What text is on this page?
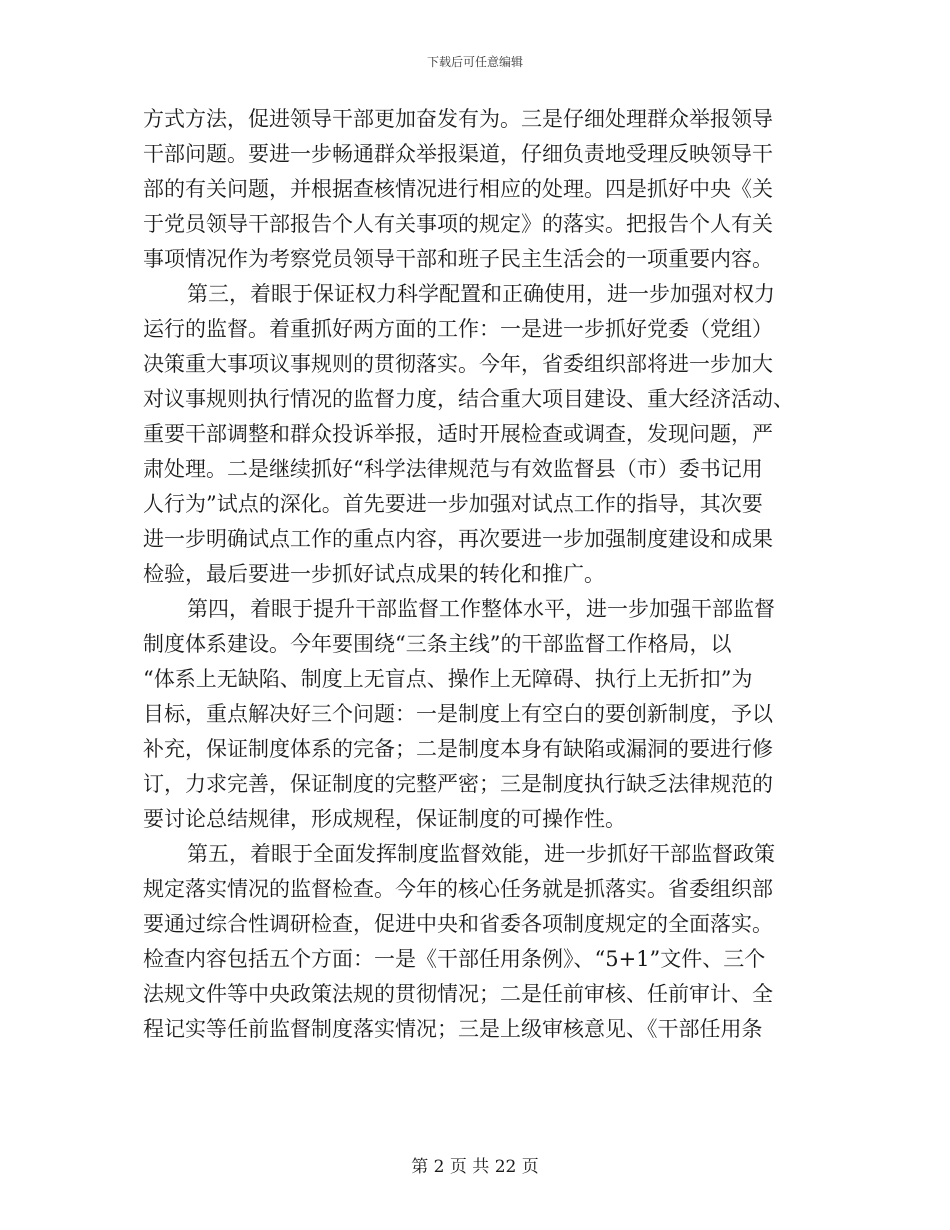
下载后可任意编辑
方式方法，促进领导干部更加奋发有为。三是仔细处理群众举报领导
干部问题。要进一步畅通群众举报渠道，仔细负责地受理反映领导干
部的有关问题，并根据查核情况进行相应的处理。四是抓好中央《关
于党员领导干部报告个人有关事项的规定》的落实。把报告个人有关
事项情况作为考察党员领导干部和班子民主生活会的一项重要内容。
第三，着眼于保证权力科学配置和正确使用，进一步加强对权力
运行的监督。着重抓好两方面的工作：一是进一步抓好党委（党组）
决策重大事项议事规则的贯彻落实。今年，省委组织部将进一步加大
对议事规则执行情况的监督力度，结合重大项目建设、重大经济活动、
重要干部调整和群众投诉举报，适时开展检查或调查，发现问题，严
肃处理。二是继续抓好“科学法律规范与有效监督县（市）委书记用
人行为”试点的深化。首先要进一步加强对试点工作的指导，其次要
进一步明确试点工作的重点内容，再次要进一步加强制度建设和成果
检验，最后要进一步抓好试点成果的转化和推广。
第四，着眼于提升干部监督工作整体水平，进一步加强干部监督
制度体系建设。今年要围绕“三条主线”的干部监督工作格局，以
“体系上无缺陷、制度上无盲点、操作上无障碍、执行上无折扣”为
目标，重点解决好三个问题：一是制度上有空白的要创新制度，予以
补充，保证制度体系的完备；二是制度本身有缺陷或漏洞的要进行修
订，力求完善，保证制度的完整严密；三是制度执行缺乏法律规范的
要讨论总结规律，形成规程，保证制度的可操作性。
第五，着眼于全面发挥制度监督效能，进一步抓好干部监督政策
规定落实情况的监督检查。今年的核心任务就是抓落实。省委组织部
要通过综合性调研检查，促进中央和省委各项制度规定的全面落实。
检查内容包括五个方面：一是《干部任用条例》、“5+1”文件、三个
法规文件等中央政策法规的贯彻情况；二是任前审核、任前审计、全
程记实等任前监督制度落实情况；三是上级审核意见、《干部任用条
第 2 页 共 22 页
